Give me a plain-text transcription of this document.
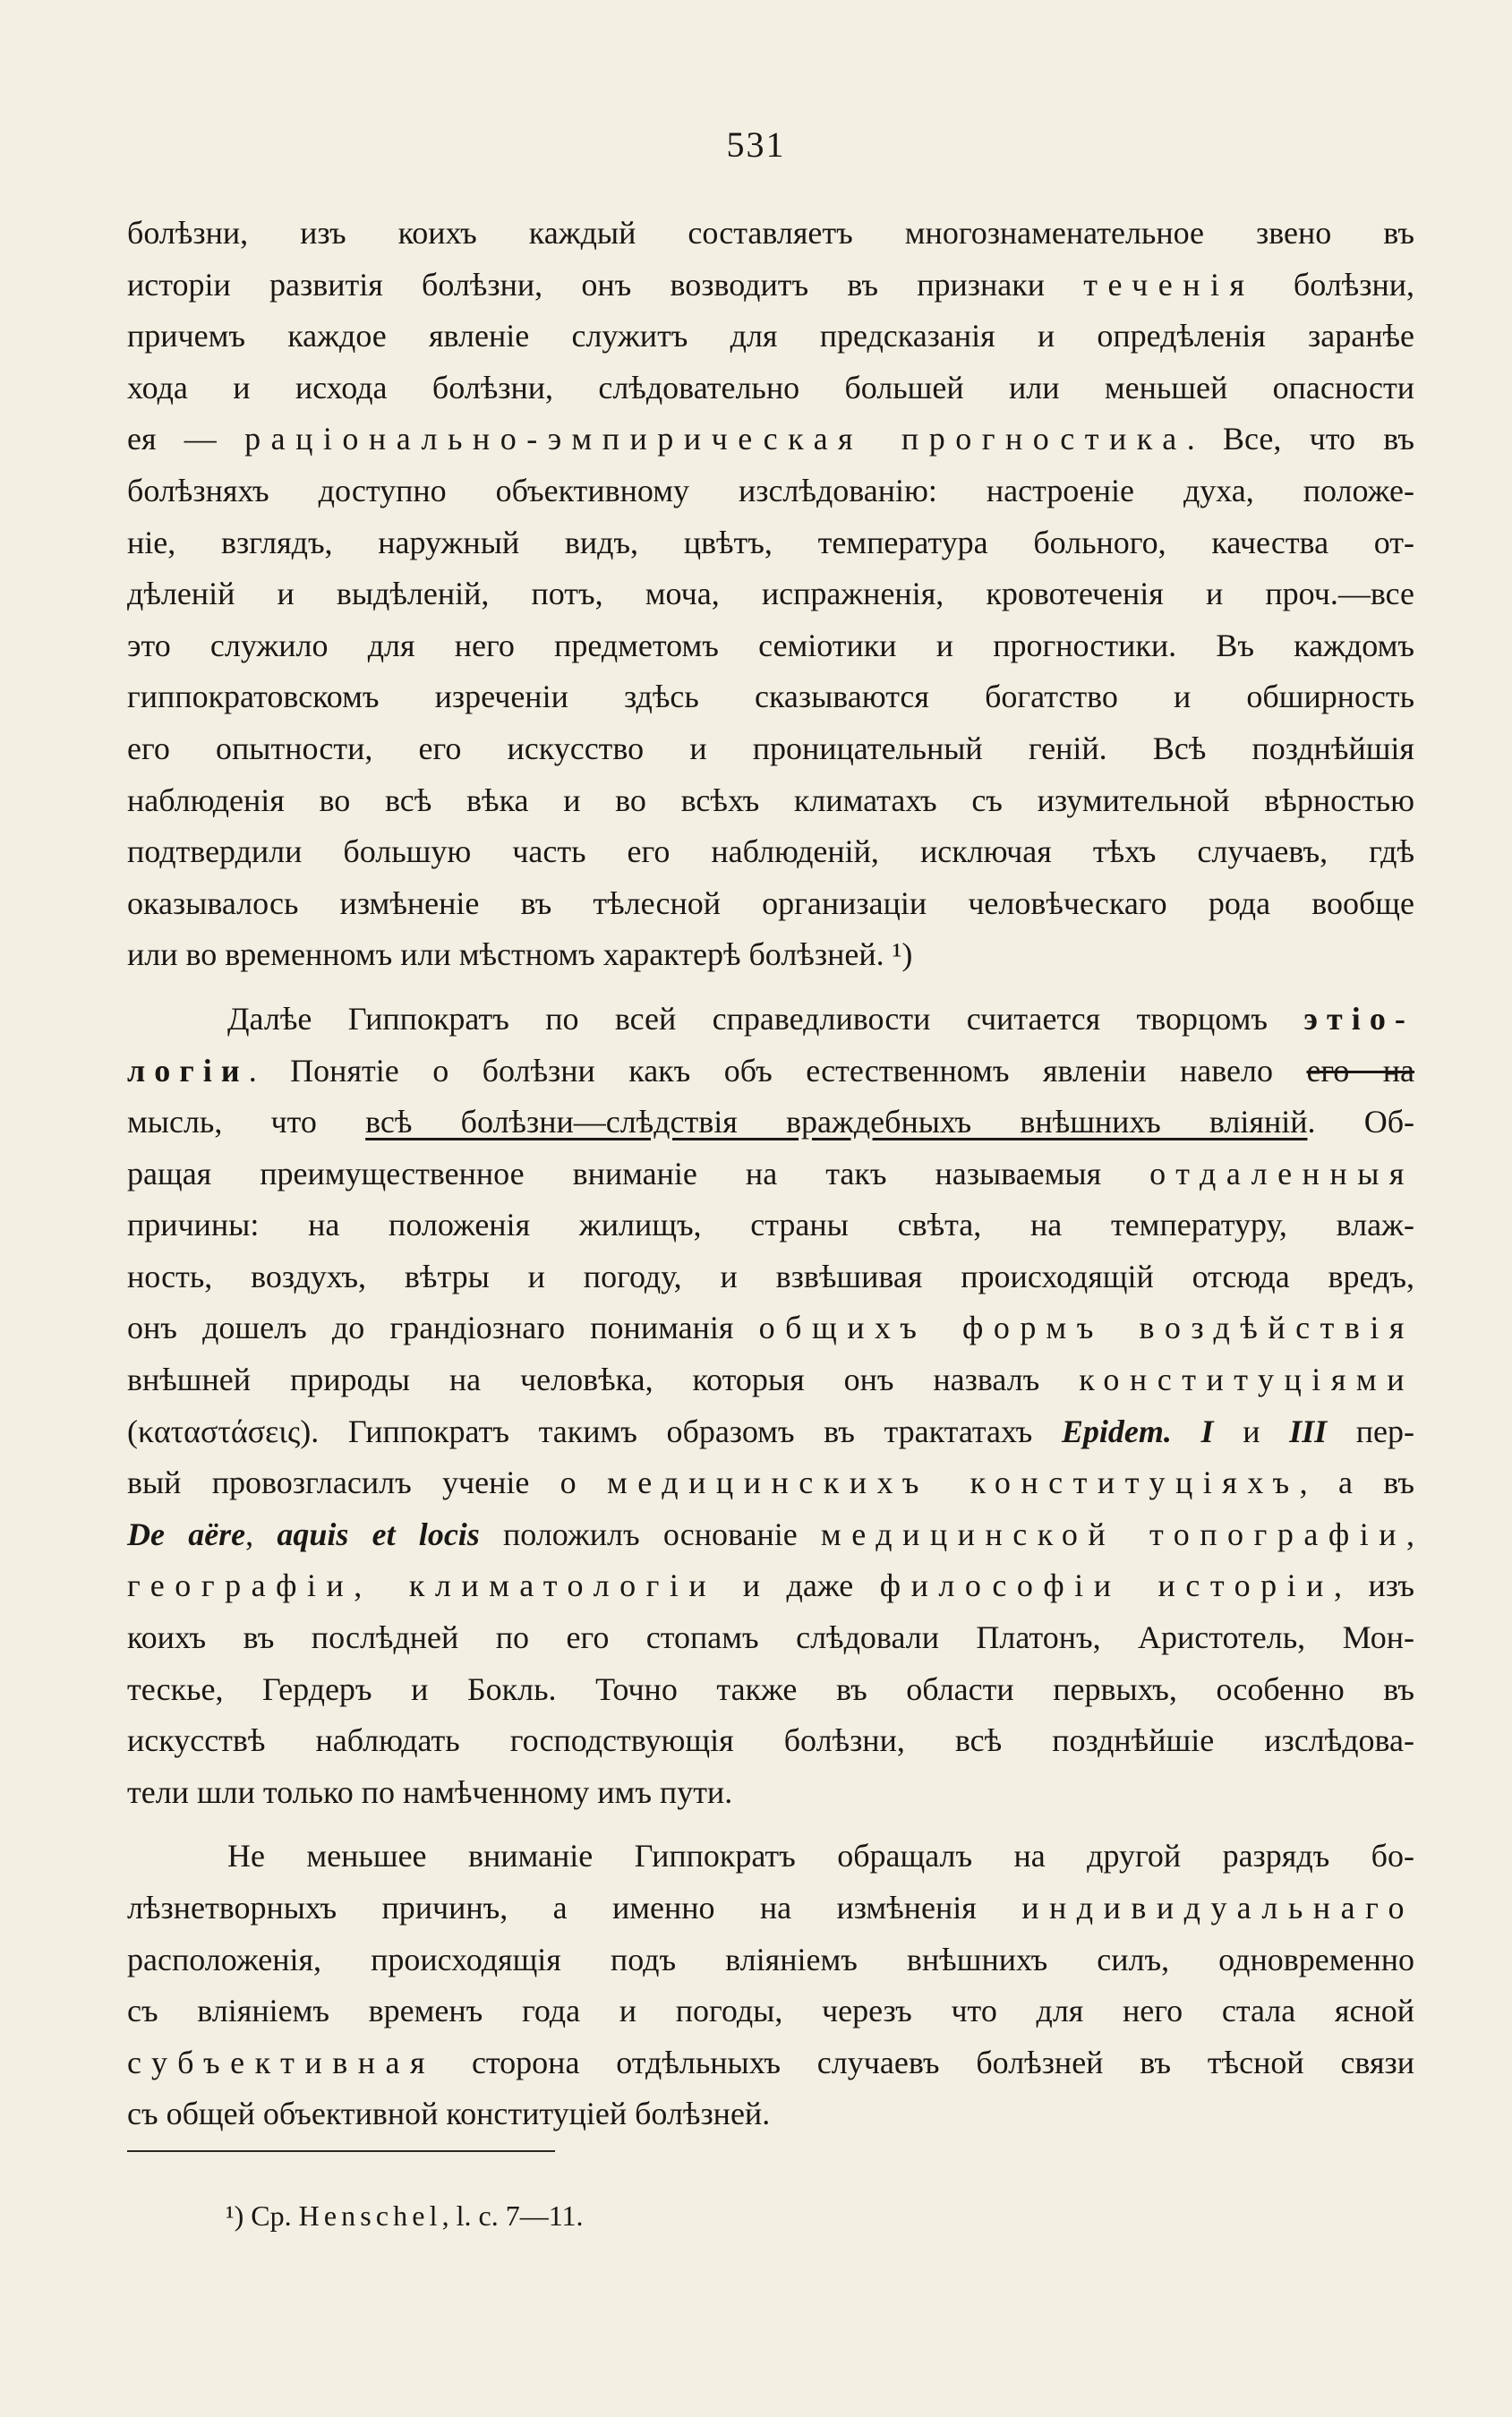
531

болѣзни, изъ коихъ каждый составляетъ многознаменательное звено въ
исторіи развитія болѣзни, онъ возводитъ въ признаки теченія болѣзни,
причемъ каждое явленіе служитъ для предсказанія и опредѣленія заранѣе
хода и исхода болѣзни, слѣдовательно большей или меньшей опасности
ея — раціонально-эмпирическая прогностика. Все, что въ
болѣзняхъ доступно объективному изслѣдованію: настроеніе духа, положе-
ніе, взглядъ, наружный видъ, цвѣтъ, температура больного, качества от-
дѣленій и выдѣленій, потъ, моча, испражненія, кровотеченія и проч.—все
это служило для него предметомъ семіотики и прогностики. Въ каждомъ
гиппократовскомъ изреченіи здѣсь сказываются богатство и обширность
его опытности, его искусство и проницательный геній. Всѣ позднѣйшія
наблюденія во всѣ вѣка и во всѣхъ климатахъ съ изумительной вѣрностью
подтвердили большую часть его наблюденій, исключая тѣхъ случаевъ, гдѣ
оказывалось измѣненіе въ тѣлесной организаціи человѣческаго рода вообще
или во временномъ или мѣстномъ характерѣ болѣзней. ¹)

Далѣе Гиппократъ по всей справедливости считается творцомъ этіо-
логіи. Понятіе о болѣзни какъ объ естественномъ явленіи навело его на
мысль, что всѣ болѣзни—слѣдствія враждебныхъ внѣшнихъ вліяній. Об-
ращая преимущественное вниманіе на такъ называемыя отдаленныя
причины: на положенія жилищъ, страны свѣта, на температуру, влаж-
ность, воздухъ, вѣтры и погоду, и взвѣшивая происходящій отсюда вредъ,
онъ дошелъ до грандіознаго пониманія общихъ формъ воздѣйствія
внѣшней природы на человѣка, которыя онъ назвалъ конституціями
(καταστάσεις). Гиппократъ такимъ образомъ въ трактатахъ Epidem. I и III пер-
вый провозгласилъ ученіе о медицинскихъ конституціяхъ, а въ
De aëre, aquis et locis положилъ основаніе медицинской топографіи,
географіи, климатологіи и даже философіи исторіи, изъ
коихъ въ послѣдней по его стопамъ слѣдовали Платонъ, Аристотель, Мон-
тескье, Гердеръ и Бокль. Точно также въ области первыхъ, особенно въ
искусствѣ наблюдать господствующія болѣзни, всѣ позднѣйшіе изслѣдова-
тели шли только по намѣченному имъ пути.

Не меньшее вниманіе Гиппократъ обращалъ на другой разрядъ бо-
лѣзнетворныхъ причинъ, а именно на измѣненія индивидуальнаго
расположенія, происходящія подъ вліяніемъ внѣшнихъ силъ, одновременно
съ вліяніемъ временъ года и погоды, черезъ что для него стала ясной
субъективная сторона отдѣльныхъ случаевъ болѣзней въ тѣсной связи
съ общей объективной конституціей болѣзней.

¹) Ср. Henschel, l. c. 7—11.
